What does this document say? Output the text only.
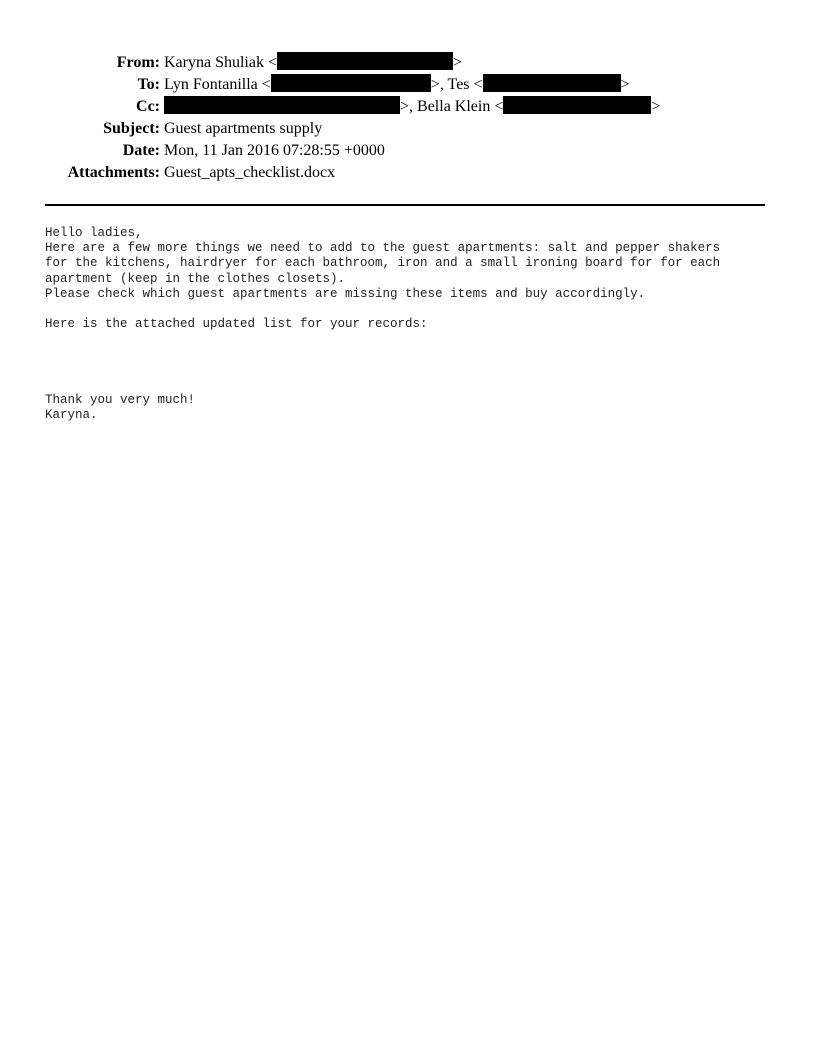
From: Karyna Shuliak <	>
To: Lyn Fontanilla <	>, Tes <	>
Cc:	>, Bella Klein <	>
Subject: Guest apartments supply
Date: Mon, 11 Jan 2016 07:28:55 +0000
Attachments: Guest_apts_checklist.docx

Hello ladies,

Here are a few more things we need to add to the guest apartments: salt and pepper shakers

for the kitchens, hairdryer for each bathroom, iron and a small ironing board for for each

apartment (keep in the clothes closets).

Please check which guest apartments are missing these items and buy accordingly.

Here is the attached updated list for your records:

Thank you very much!

Karyna.
